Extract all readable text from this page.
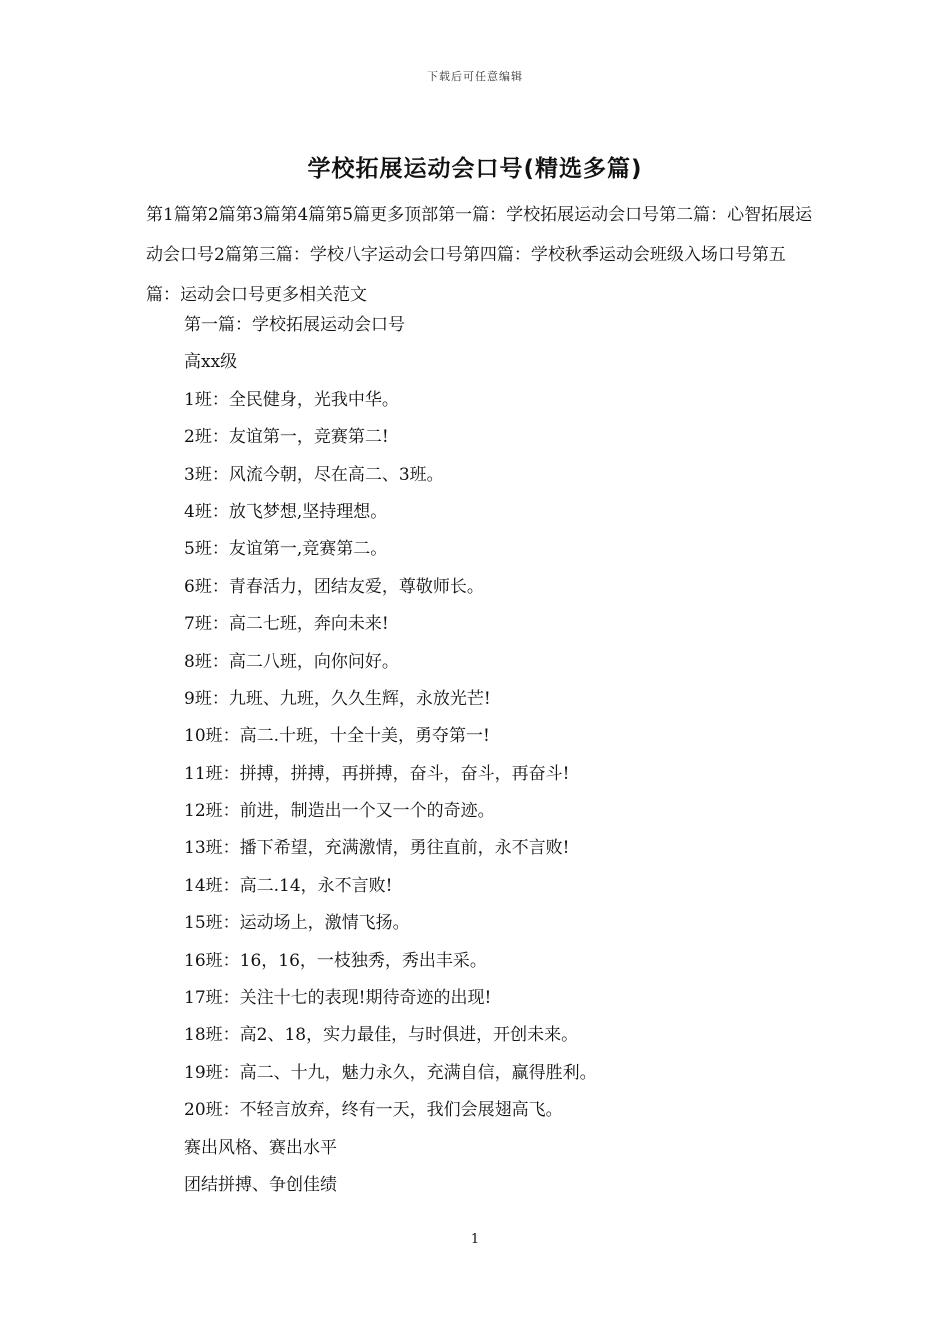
下载后可任意编辑
学校拓展运动会口号(精选多篇)

第1篇第2篇第3篇第4篇第5篇更多顶部第一篇：学校拓展运动会口号第二篇：心智拓展运动会口号2篇第三篇：学校八字运动会口号第四篇：学校秋季运动会班级入场口号第五篇：运动会口号更多相关范文

第一篇：学校拓展运动会口号
高xx级
1班：全民健身，光我中华。
2班：友谊第一，竞赛第二!
3班：风流今朝，尽在高二、3班。
4班：放飞梦想,坚持理想。
5班：友谊第一,竞赛第二。
6班：青春活力，团结友爱，尊敬师长。
7班：高二七班，奔向未来!
8班：高二八班，向你问好。
9班：九班、九班，久久生辉，永放光芒!
10班：高二.十班，十全十美，勇夺第一!
11班：拼搏，拼搏，再拼搏，奋斗，奋斗，再奋斗!
12班：前进，制造出一个又一个的奇迹。
13班：播下希望，充满激情，勇往直前，永不言败!
14班：高二.14，永不言败!
15班：运动场上，激情飞扬。
16班：16，16，一枝独秀，秀出丰采。
17班：关注十七的表现!期待奇迹的出现!
18班：高2、18，实力最佳，与时俱进，开创未来。
19班：高二、十九，魅力永久，充满自信，赢得胜利。
20班：不轻言放弃，终有一天，我们会展翅高飞。
赛出风格、赛出水平
团结拼搏、争创佳绩
1
